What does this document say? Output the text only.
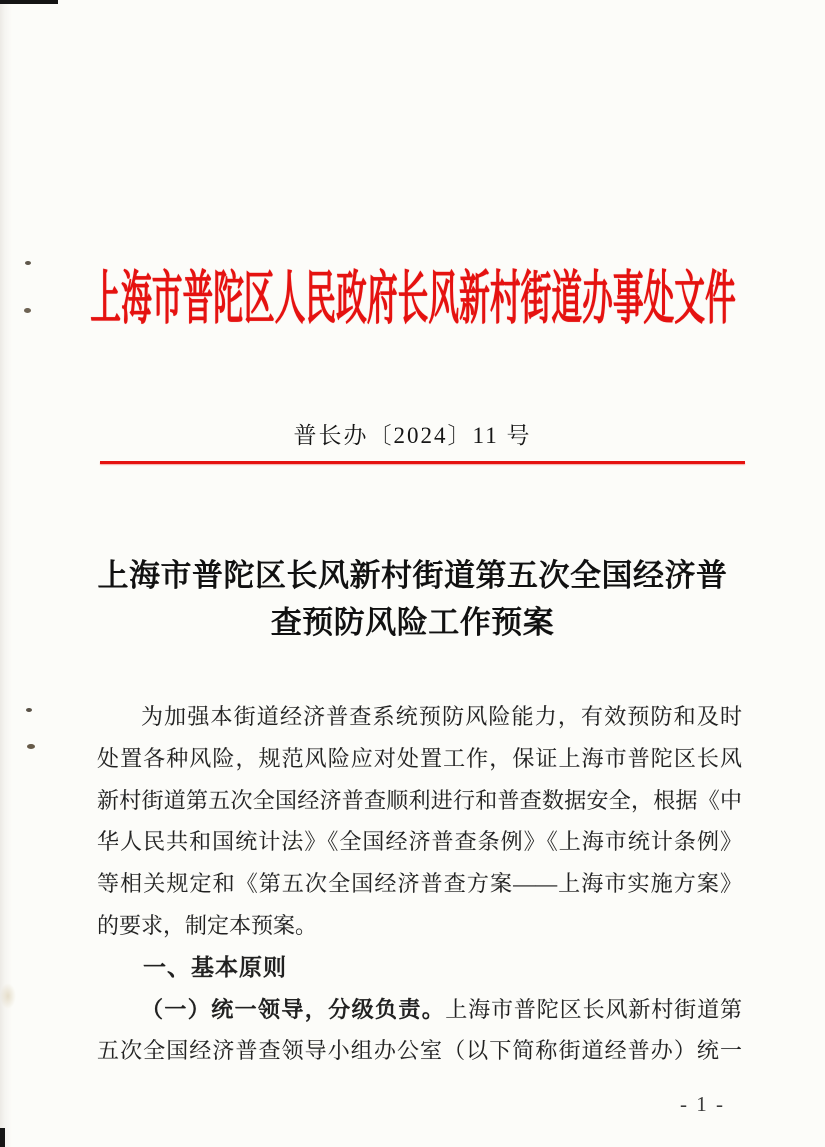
上海市普陀区人民政府长风新村街道办事处文件
普长办〔2024〕11 号
上海市普陀区长风新村街道第五次全国经济普
查预防风险工作预案
为加强本街道经济普查系统预防风险能力，有效预防和及时
处置各种风险，规范风险应对处置工作，保证上海市普陀区长风
新村街道第五次全国经济普查顺利进行和普查数据安全，根据《中
华人民共和国统计法》《全国经济普查条例》《上海市统计条例》
等相关规定和《第五次全国经济普查方案——上海市实施方案》
的要求，制定本预案。
一、基本原则
（一）统一领导，分级负责。上海市普陀区长风新村街道第
五次全国经济普查领导小组办公室（以下简称街道经普办）统一
- 1 -
